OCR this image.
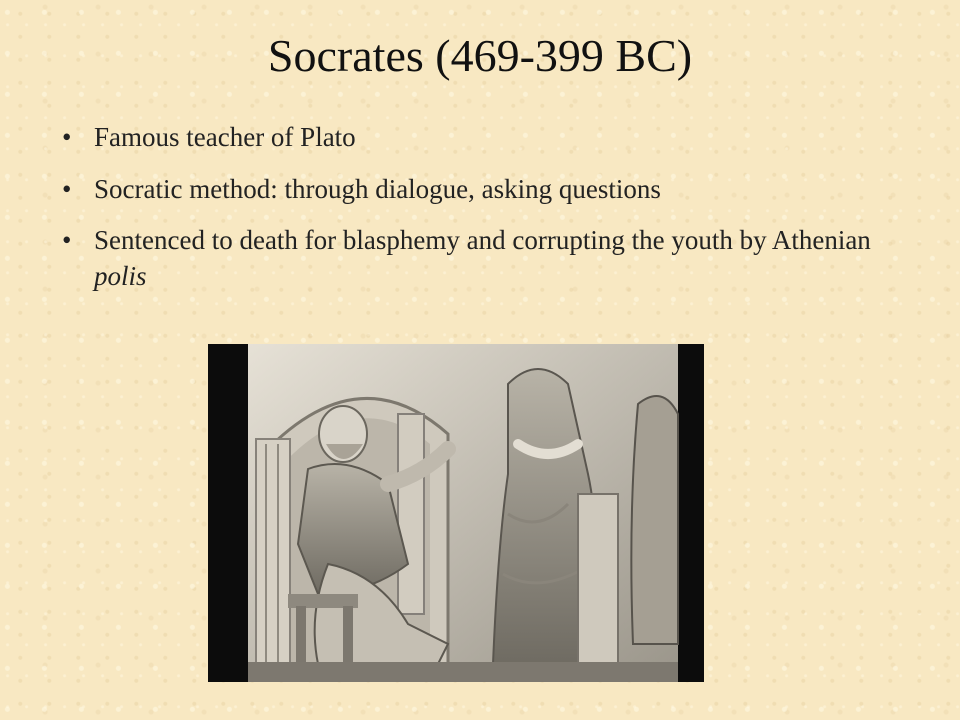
Socrates (469-399 BC)
• Famous teacher of Plato
• Socratic method: through dialogue, asking questions
• Sentenced to death for blasphemy and corrupting the youth by Athenian polis
